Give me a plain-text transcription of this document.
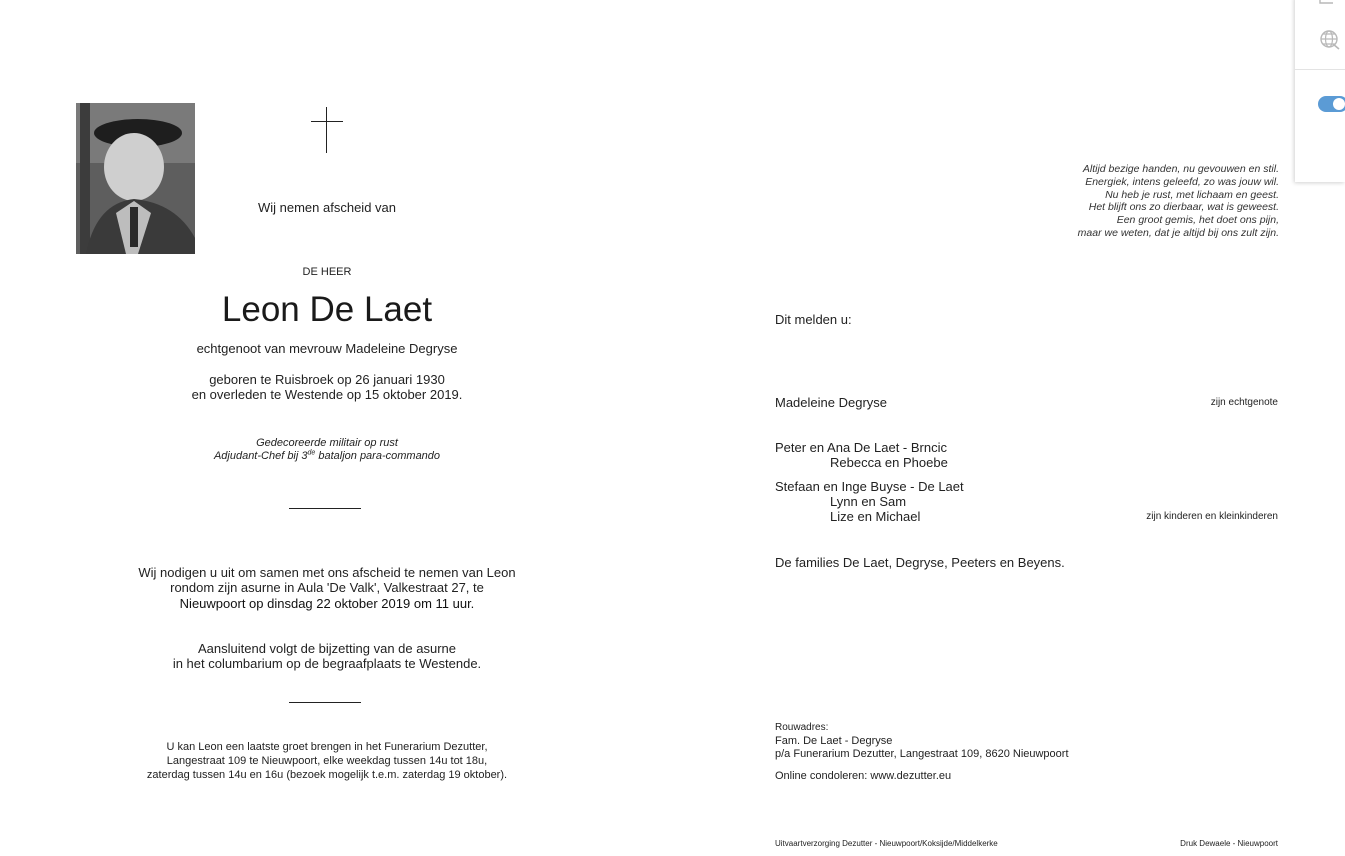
Wij nemen afscheid van
DE HEER
Leon De Laet
echtgenoot van mevrouw Madeleine Degryse
geboren te Ruisbroek op 26 januari 1930
en overleden te Westende op 15 oktober 2019.
Gedecoreerde militair op rust
Adjudant-Chef bij 3de bataljon para-commando
Wij nodigen u uit om samen met ons afscheid te nemen van Leon
rondom zijn asurne in Aula 'De Valk', Valkestraat 27, te
Nieuwpoort op dinsdag 22 oktober 2019 om 11 uur.
Aansluitend volgt de bijzetting van de asurne
in het columbarium op de begraafplaats te Westende.
U kan Leon een laatste groet brengen in het Funerarium Dezutter,
Langestraat 109 te Nieuwpoort, elke weekdag tussen 14u tot 18u,
zaterdag tussen 14u en 16u (bezoek mogelijk t.e.m. zaterdag 19 oktober).
Altijd bezige handen, nu gevouwen en stil.
Energiek, intens geleefd, zo was jouw wil.
Nu heb je rust, met lichaam en geest.
Het blijft ons zo dierbaar, wat is geweest.
Een groot gemis, het doet ons pijn,
maar we weten, dat je altijd bij ons zult zijn.
Dit melden u:
Madeleine Degryse	zijn echtgenote
Peter en Ana De Laet - Brncic
Rebecca en Phoebe
Stefaan en Inge Buyse - De Laet
Lynn en Sam
Lize en Michael	zijn kinderen en kleinkinderen
De families De Laet, Degryse, Peeters en Beyens.
Rouwadres:
Fam. De Laet - Degryse
p/a Funerarium Dezutter, Langestraat 109, 8620 Nieuwpoort
Online condoleren: www.dezutter.eu
Uitvaartverzorging Dezutter - Nieuwpoort/Koksijde/Middelkerke	Druk Dewaele - Nieuwpoort
